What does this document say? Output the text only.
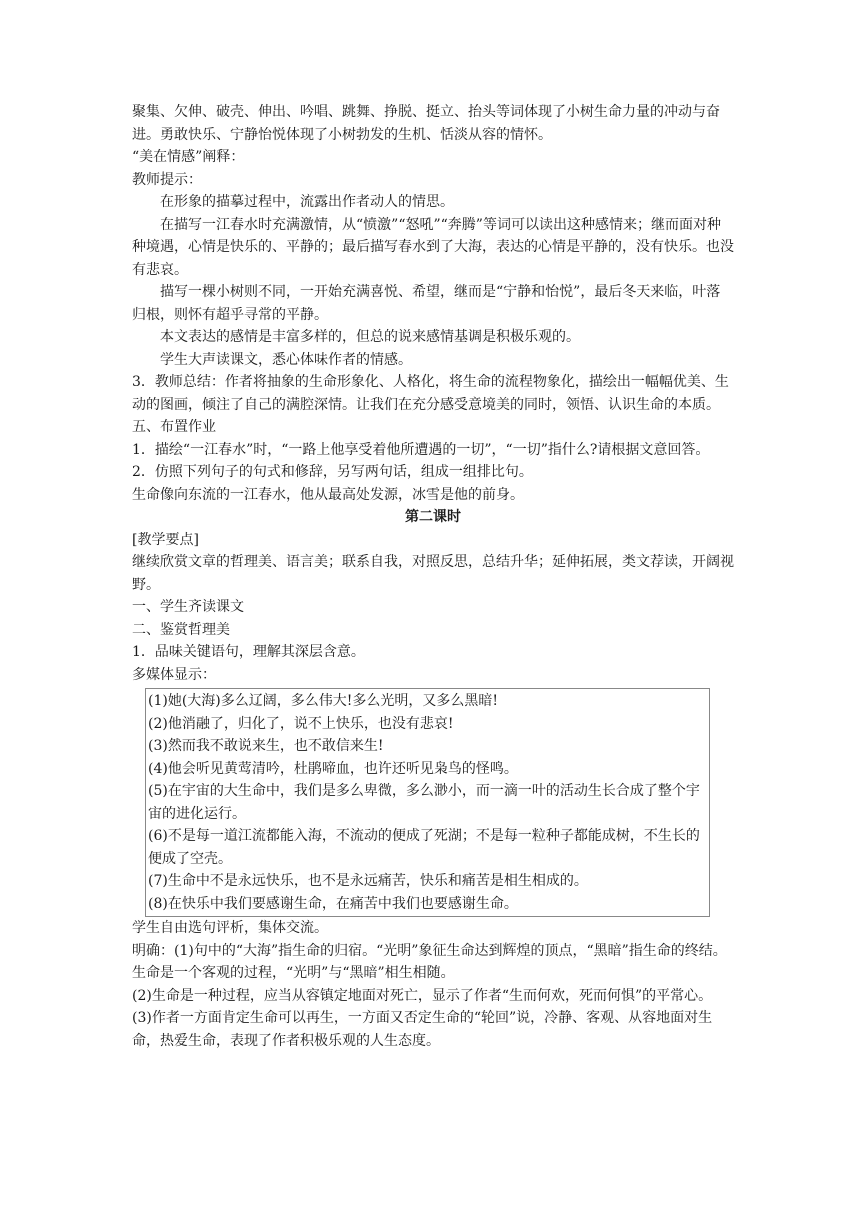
聚集、欠伸、破壳、伸出、吟唱、跳舞、挣脱、挺立、抬头等词体现了小树生命力量的冲动与奋进。勇敢快乐、宁静怡悦体现了小树勃发的生机、恬淡从容的情怀。

“美在情感”阐释：

教师提示：

在形象的描摹过程中，流露出作者动人的情思。

在描写一江春水时充满激情，从“愤激”“怒吼”“奔腾”等词可以读出这种感情来；继而面对种种境遇，心情是快乐的、平静的；最后描写春水到了大海，表达的心情是平静的，没有快乐。也没有悲哀。

描写一棵小树则不同，一开始充满喜悦、希望，继而是“宁静和怡悦”，最后冬天来临，叶落归根，则怀有超乎寻常的平静。

本文表达的感情是丰富多样的，但总的说来感情基调是积极乐观的。

学生大声读课文，悉心体味作者的情感。

3．教师总结：作者将抽象的生命形象化、人格化，将生命的流程物象化，描绘出一幅幅优美、生动的图画，倾注了自己的满腔深情。让我们在充分感受意境美的同时，领悟、认识生命的本质。

五、布置作业

1．描绘“一江春水”时，“一路上他享受着他所遭遇的一切”，“一切”指什么?请根据文意回答。

2．仿照下列句子的句式和修辞，另写两句话，组成一组排比句。

生命像向东流的一江春水，他从最高处发源，冰雪是他的前身。

第二课时

[教学要点]

继续欣赏文章的哲理美、语言美；联系自我，对照反思，总结升华；延伸拓展，类文荐读，开阔视野。

一、学生齐读课文

二、鉴赏哲理美

1．品味关键语句，理解其深层含意。

多媒体显示：

(1)她(大海)多么辽阔，多么伟大!多么光明，又多么黑暗!

(2)他消融了，归化了，说不上快乐，也没有悲哀!

(3)然而我不敢说来生，也不敢信来生!

(4)他会听见黄莺清吟，杜鹃啼血，也许还听见枭鸟的怪鸣。

(5)在宇宙的大生命中，我们是多么卑微，多么渺小，而一滴一叶的活动生长合成了整个宇宙的进化运行。

(6)不是每一道江流都能入海，不流动的便成了死湖；不是每一粒种子都能成树，不生长的便成了空壳。

(7)生命中不是永远快乐，也不是永远痛苦，快乐和痛苦是相生相成的。

(8)在快乐中我们要感谢生命，在痛苦中我们也要感谢生命。

学生自由选句评析，集体交流。

明确：(1)句中的“大海”指生命的归宿。“光明”象征生命达到辉煌的顶点，“黑暗”指生命的终结。生命是一个客观的过程，“光明”与“黑暗”相生相随。

(2)生命是一种过程，应当从容镇定地面对死亡，显示了作者“生而何欢，死而何惧”的平常心。

(3)作者一方面肯定生命可以再生，一方面又否定生命的“轮回”说，冷静、客观、从容地面对生命，热爱生命，表现了作者积极乐观的人生态度。
